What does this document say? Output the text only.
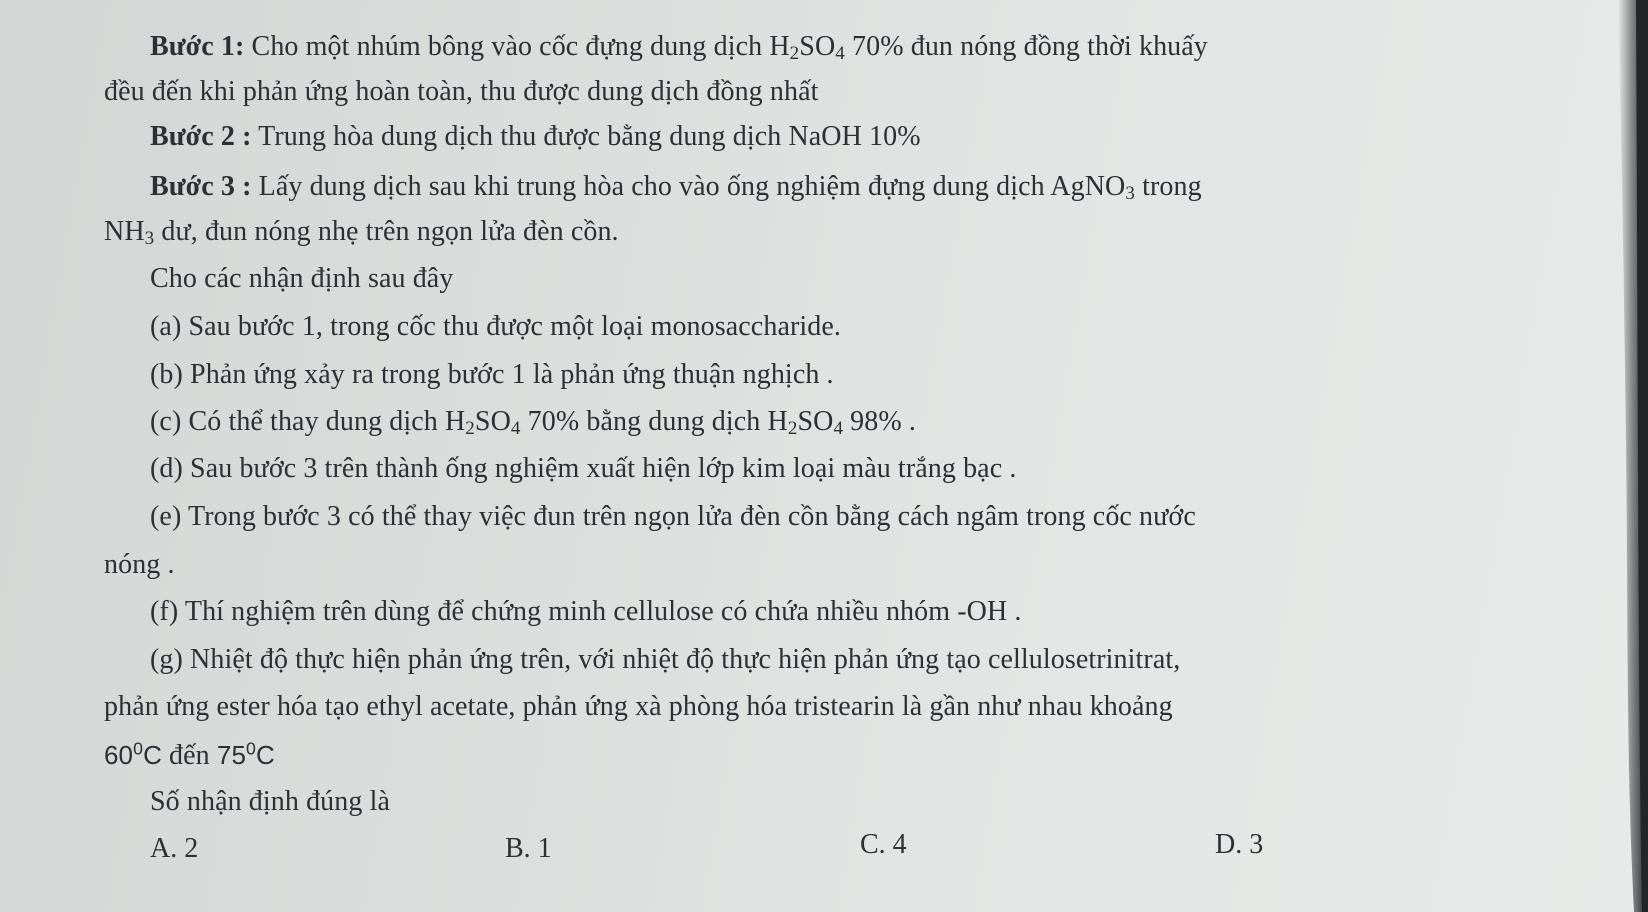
Bước 1: Cho một nhúm bông vào cốc đựng dung dịch $H_2SO_4$ 70% đun nóng đồng thời khuấy
đều đến khi phản ứng hoàn toàn, thu được dung dịch đồng nhất
Bước 2 : Trung hòa dung dịch thu được bằng dung dịch NaOH 10%
Bước 3 : Lấy dung dịch sau khi trung hòa cho vào ống nghiệm đựng dung dịch AgNO$_3$ trong
$NH_3$ dư, đun nóng nhẹ trên ngọn lửa đèn cồn.
Cho các nhận định sau đây
(a) Sau bước 1, trong cốc thu được một loại monosaccharide.
(b) Phản ứng xảy ra trong bước 1 là phản ứng thuận nghịch .
(c) Có thể thay dung dịch $H_2SO_4$ 70% bằng dung dịch $H_2SO_4$ 98% .
(d) Sau bước 3 trên thành ống nghiệm xuất hiện lớp kim loại màu trắng bạc .
(e) Trong bước 3 có thể thay việc đun trên ngọn lửa đèn cồn bằng cách ngâm trong cốc nước
nóng .
(f) Thí nghiệm trên dùng để chứng minh cellulose có chứa nhiều nhóm -OH .
(g) Nhiệt độ thực hiện phản ứng trên, với nhiệt độ thực hiện phản ứng tạo cellulosetrinitrat,
phản ứng ester hóa tạo ethyl acetate, phản ứng xà phòng hóa tristearin là gần như nhau khoảng
$60^0C$ đến $75^0C$
Số nhận định đúng là
A. 2	B. 1	C. 4	D. 3
